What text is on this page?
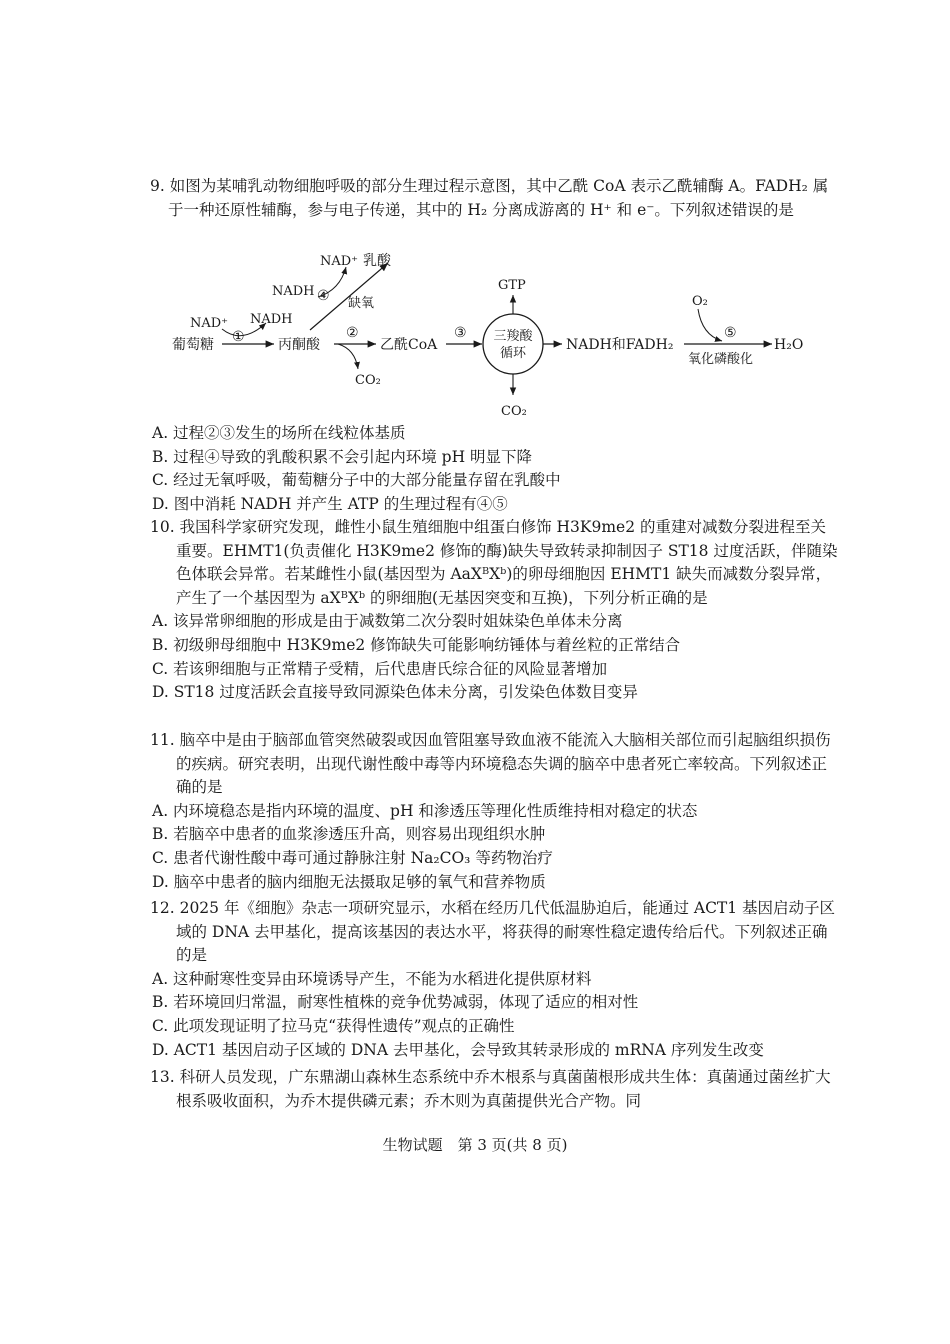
9. 如图为某哺乳动物细胞呼吸的部分生理过程示意图，其中乙酰 CoA 表示乙酰辅酶 A。FADH₂ 属于一种还原性辅酶，参与电子传递，其中的 H₂ 分离成游离的 H⁺ 和 e⁻。下列叙述错误的是

葡萄糖
NAD⁺ NADH
① 丙酮酸
NAD⁺
NADH ④
乳酸
缺氧
②
CO₂
乙酰CoA
③ 三羧酸
循环
GTP
CO₂
NADH和FADH₂
O₂
⑤
氧化磷酸化
H₂O

A. 过程②③发生的场所在线粒体基质

B. 过程④导致的乳酸积累不会引起内环境 pH 明显下降

C. 经过无氧呼吸，葡萄糖分子中的大部分能量存留在乳酸中

D. 图中消耗 NADH 并产生 ATP 的生理过程有④⑤

10. 我国科学家研究发现，雌性小鼠生殖细胞中组蛋白修饰 H3K9me2 的重建对减数分裂进程至关重要。EHMT1(负责催化 H3K9me2 修饰的酶)缺失导致转录抑制因子 ST18 过度活跃，伴随染色体联会异常。若某雌性小鼠(基因型为 AaXᴮXᵇ)的卵母细胞因 EHMT1 缺失而减数分裂异常，产生了一个基因型为 aXᴮXᵇ 的卵细胞(无基因突变和互换)，下列分析正确的是

A. 该异常卵细胞的形成是由于减数第二次分裂时姐妹染色单体未分离

B. 初级卵母细胞中 H3K9me2 修饰缺失可能影响纺锤体与着丝粒的正常结合

C. 若该卵细胞与正常精子受精，后代患唐氏综合征的风险显著增加

D. ST18 过度活跃会直接导致同源染色体未分离，引发染色体数目变异

11. 脑卒中是由于脑部血管突然破裂或因血管阻塞导致血液不能流入大脑相关部位而引起脑组织损伤的疾病。研究表明，出现代谢性酸中毒等内环境稳态失调的脑卒中患者死亡率较高。下列叙述正确的是

A. 内环境稳态是指内环境的温度、pH 和渗透压等理化性质维持相对稳定的状态

B. 若脑卒中患者的血浆渗透压升高，则容易出现组织水肿

C. 患者代谢性酸中毒可通过静脉注射 Na₂CO₃ 等药物治疗

D. 脑卒中患者的脑内细胞无法摄取足够的氧气和营养物质

12. 2025 年《细胞》杂志一项研究显示，水稻在经历几代低温胁迫后，能通过 ACT1 基因启动子区域的 DNA 去甲基化，提高该基因的表达水平，将获得的耐寒性稳定遗传给后代。下列叙述正确的是

A. 这种耐寒性变异由环境诱导产生，不能为水稻进化提供原材料

B. 若环境回归常温，耐寒性植株的竞争优势减弱，体现了适应的相对性

C. 此项发现证明了拉马克“获得性遗传”观点的正确性

D. ACT1 基因启动子区域的 DNA 去甲基化，会导致其转录形成的 mRNA 序列发生改变

13. 科研人员发现，广东鼎湖山森林生态系统中乔木根系与真菌菌根形成共生体：真菌通过菌丝扩大根系吸收面积，为乔木提供磷元素；乔木则为真菌提供光合产物。同

生物试题　第 3 页(共 8 页)
